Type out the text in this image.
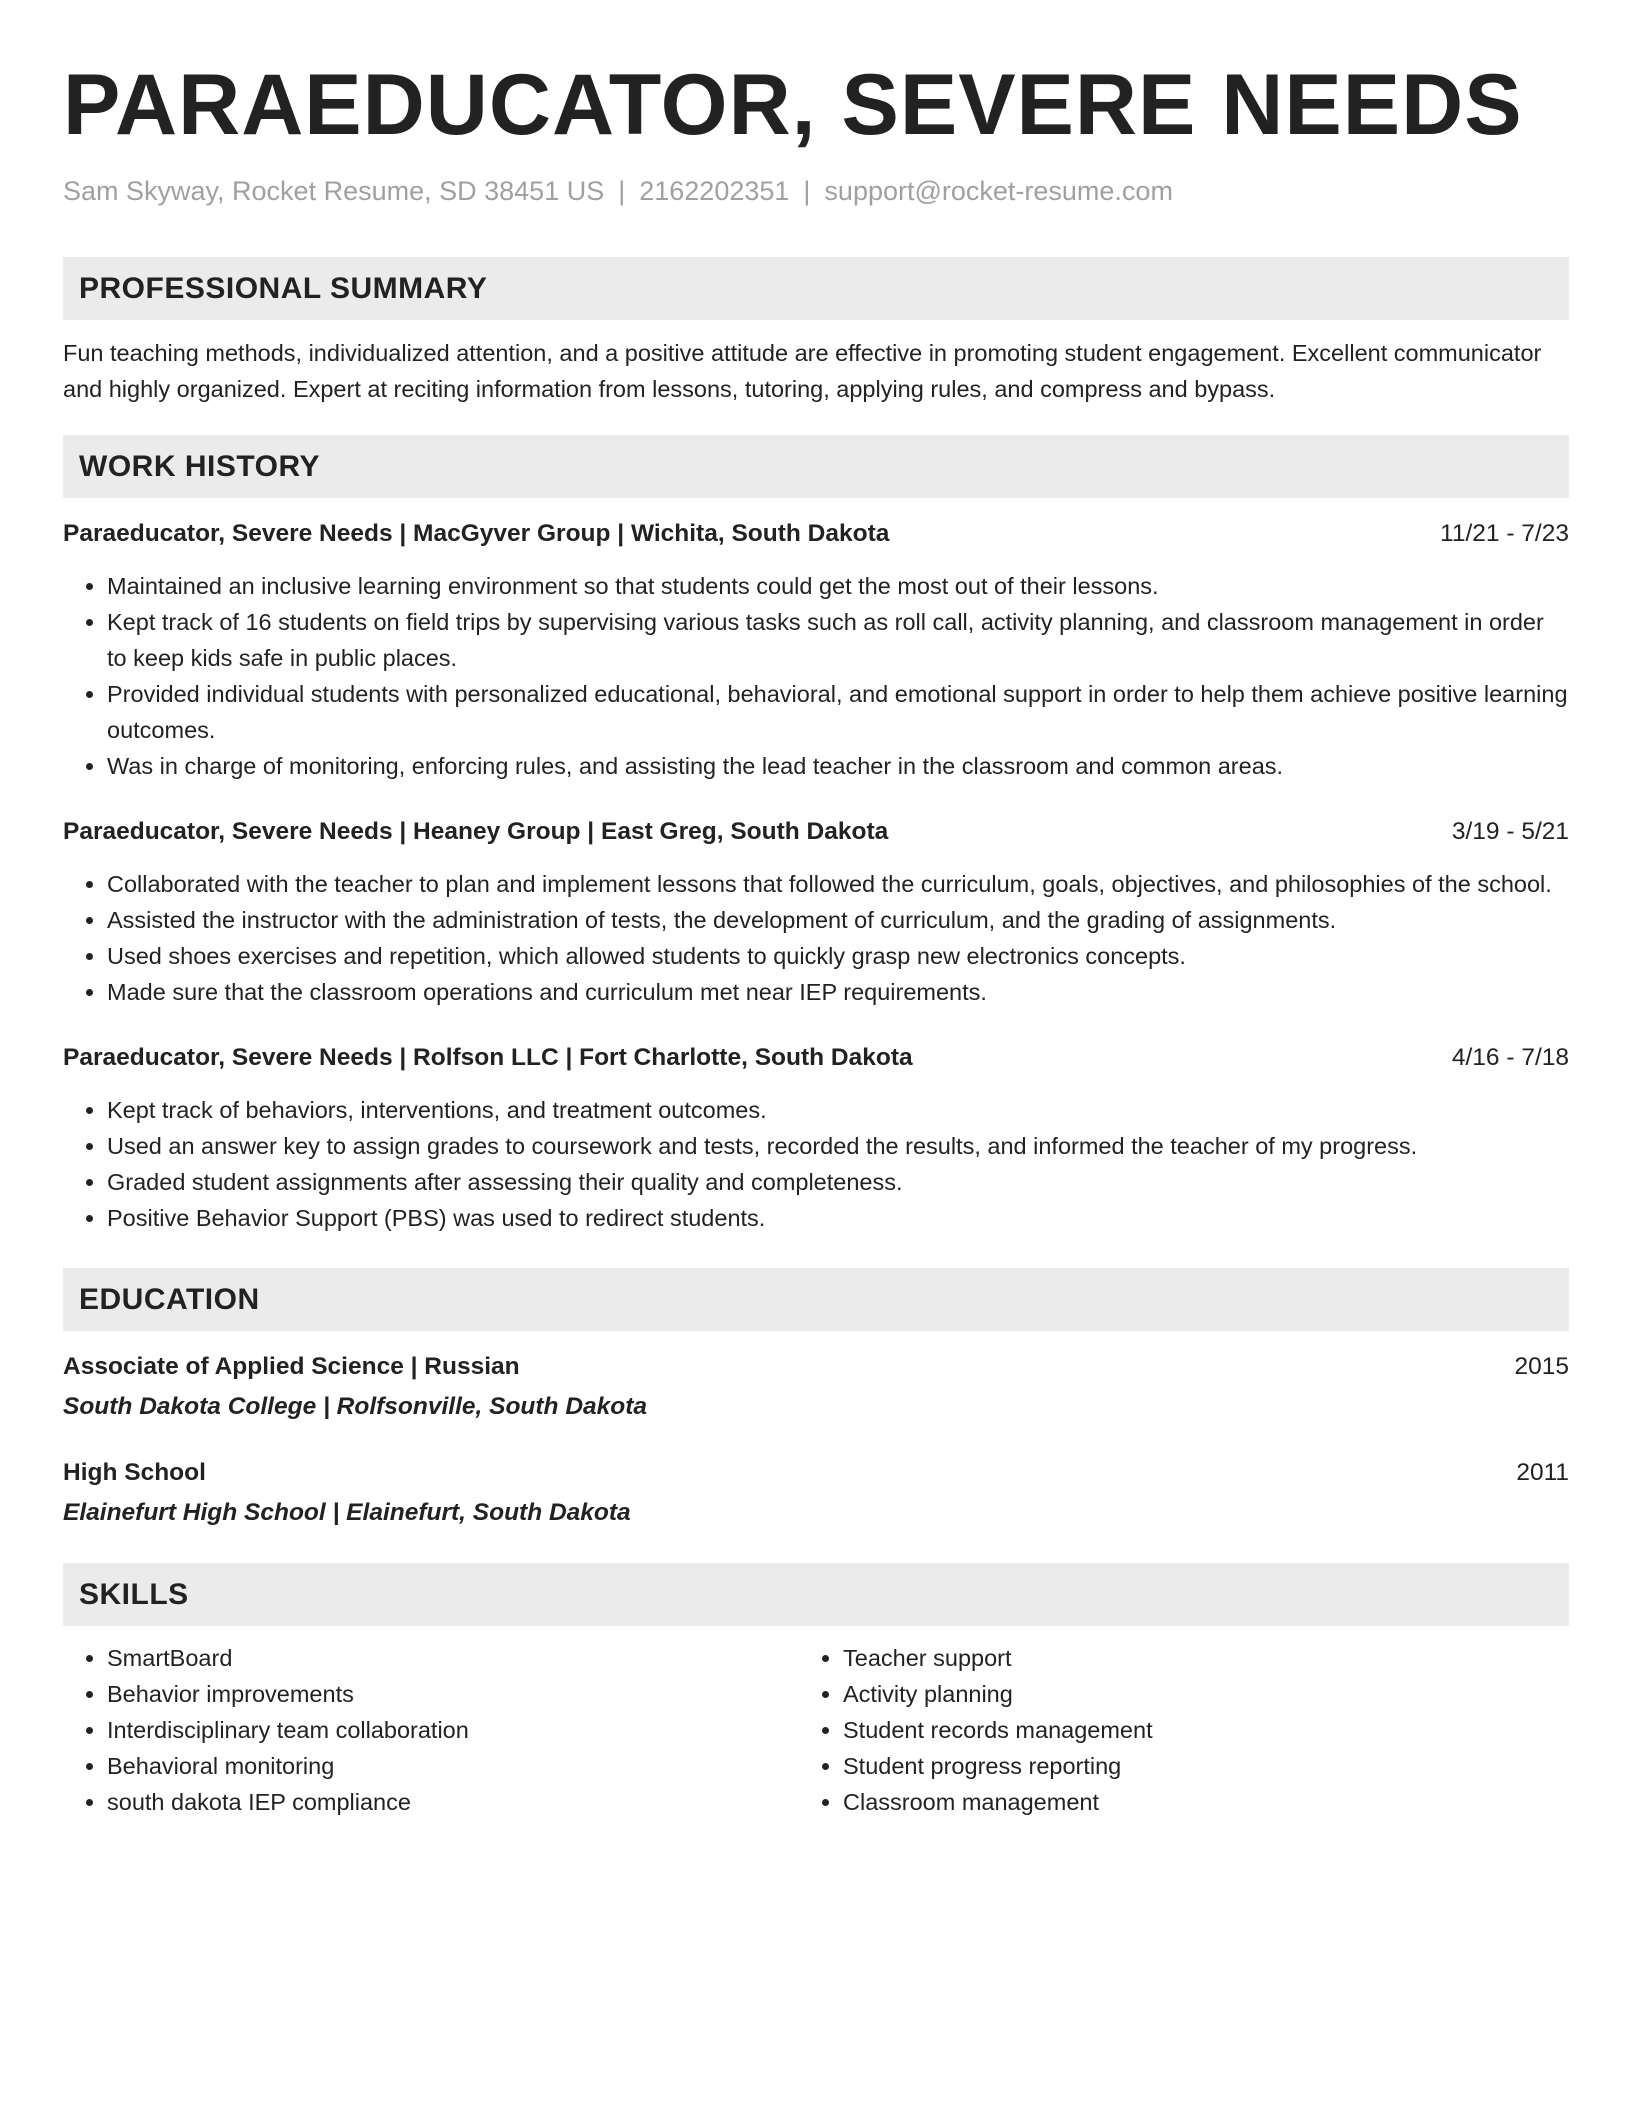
PARAEDUCATOR, SEVERE NEEDS
Sam Skyway, Rocket Resume, SD 38451 US | 2162202351 | support@rocket-resume.com
PROFESSIONAL SUMMARY

Fun teaching methods, individualized attention, and a positive attitude are effective in promoting student engagement. Excellent communicator and highly organized. Expert at reciting information from lessons, tutoring, applying rules, and compress and bypass.

WORK HISTORY
Paraeducator, Severe Needs | MacGyver Group | Wichita, South Dakota	11/21 - 7/23
• Maintained an inclusive learning environment so that students could get the most out of their lessons.
• Kept track of 16 students on field trips by supervising various tasks such as roll call, activity planning, and classroom management in order to keep kids safe in public places.
• Provided individual students with personalized educational, behavioral, and emotional support in order to help them achieve positive learning outcomes.
• Was in charge of monitoring, enforcing rules, and assisting the lead teacher in the classroom and common areas.
Paraeducator, Severe Needs | Heaney Group | East Greg, South Dakota	3/19 - 5/21
• Collaborated with the teacher to plan and implement lessons that followed the curriculum, goals, objectives, and philosophies of the school.
• Assisted the instructor with the administration of tests, the development of curriculum, and the grading of assignments.
• Used shoes exercises and repetition, which allowed students to quickly grasp new electronics concepts.
• Made sure that the classroom operations and curriculum met near IEP requirements.
Paraeducator, Severe Needs | Rolfson LLC | Fort Charlotte, South Dakota	4/16 - 7/18
• Kept track of behaviors, interventions, and treatment outcomes.
• Used an answer key to assign grades to coursework and tests, recorded the results, and informed the teacher of my progress.
• Graded student assignments after assessing their quality and completeness.
• Positive Behavior Support (PBS) was used to redirect students.
EDUCATION
Associate of Applied Science | Russian	2015
South Dakota College | Rolfsonville, South Dakota
High School	2011
Elainefurt High School | Elainefurt, South Dakota
SKILLS
• SmartBoard
• Behavior improvements
• Interdisciplinary team collaboration
• Behavioral monitoring
• south dakota IEP compliance
• Teacher support
• Activity planning
• Student records management
• Student progress reporting
• Classroom management
